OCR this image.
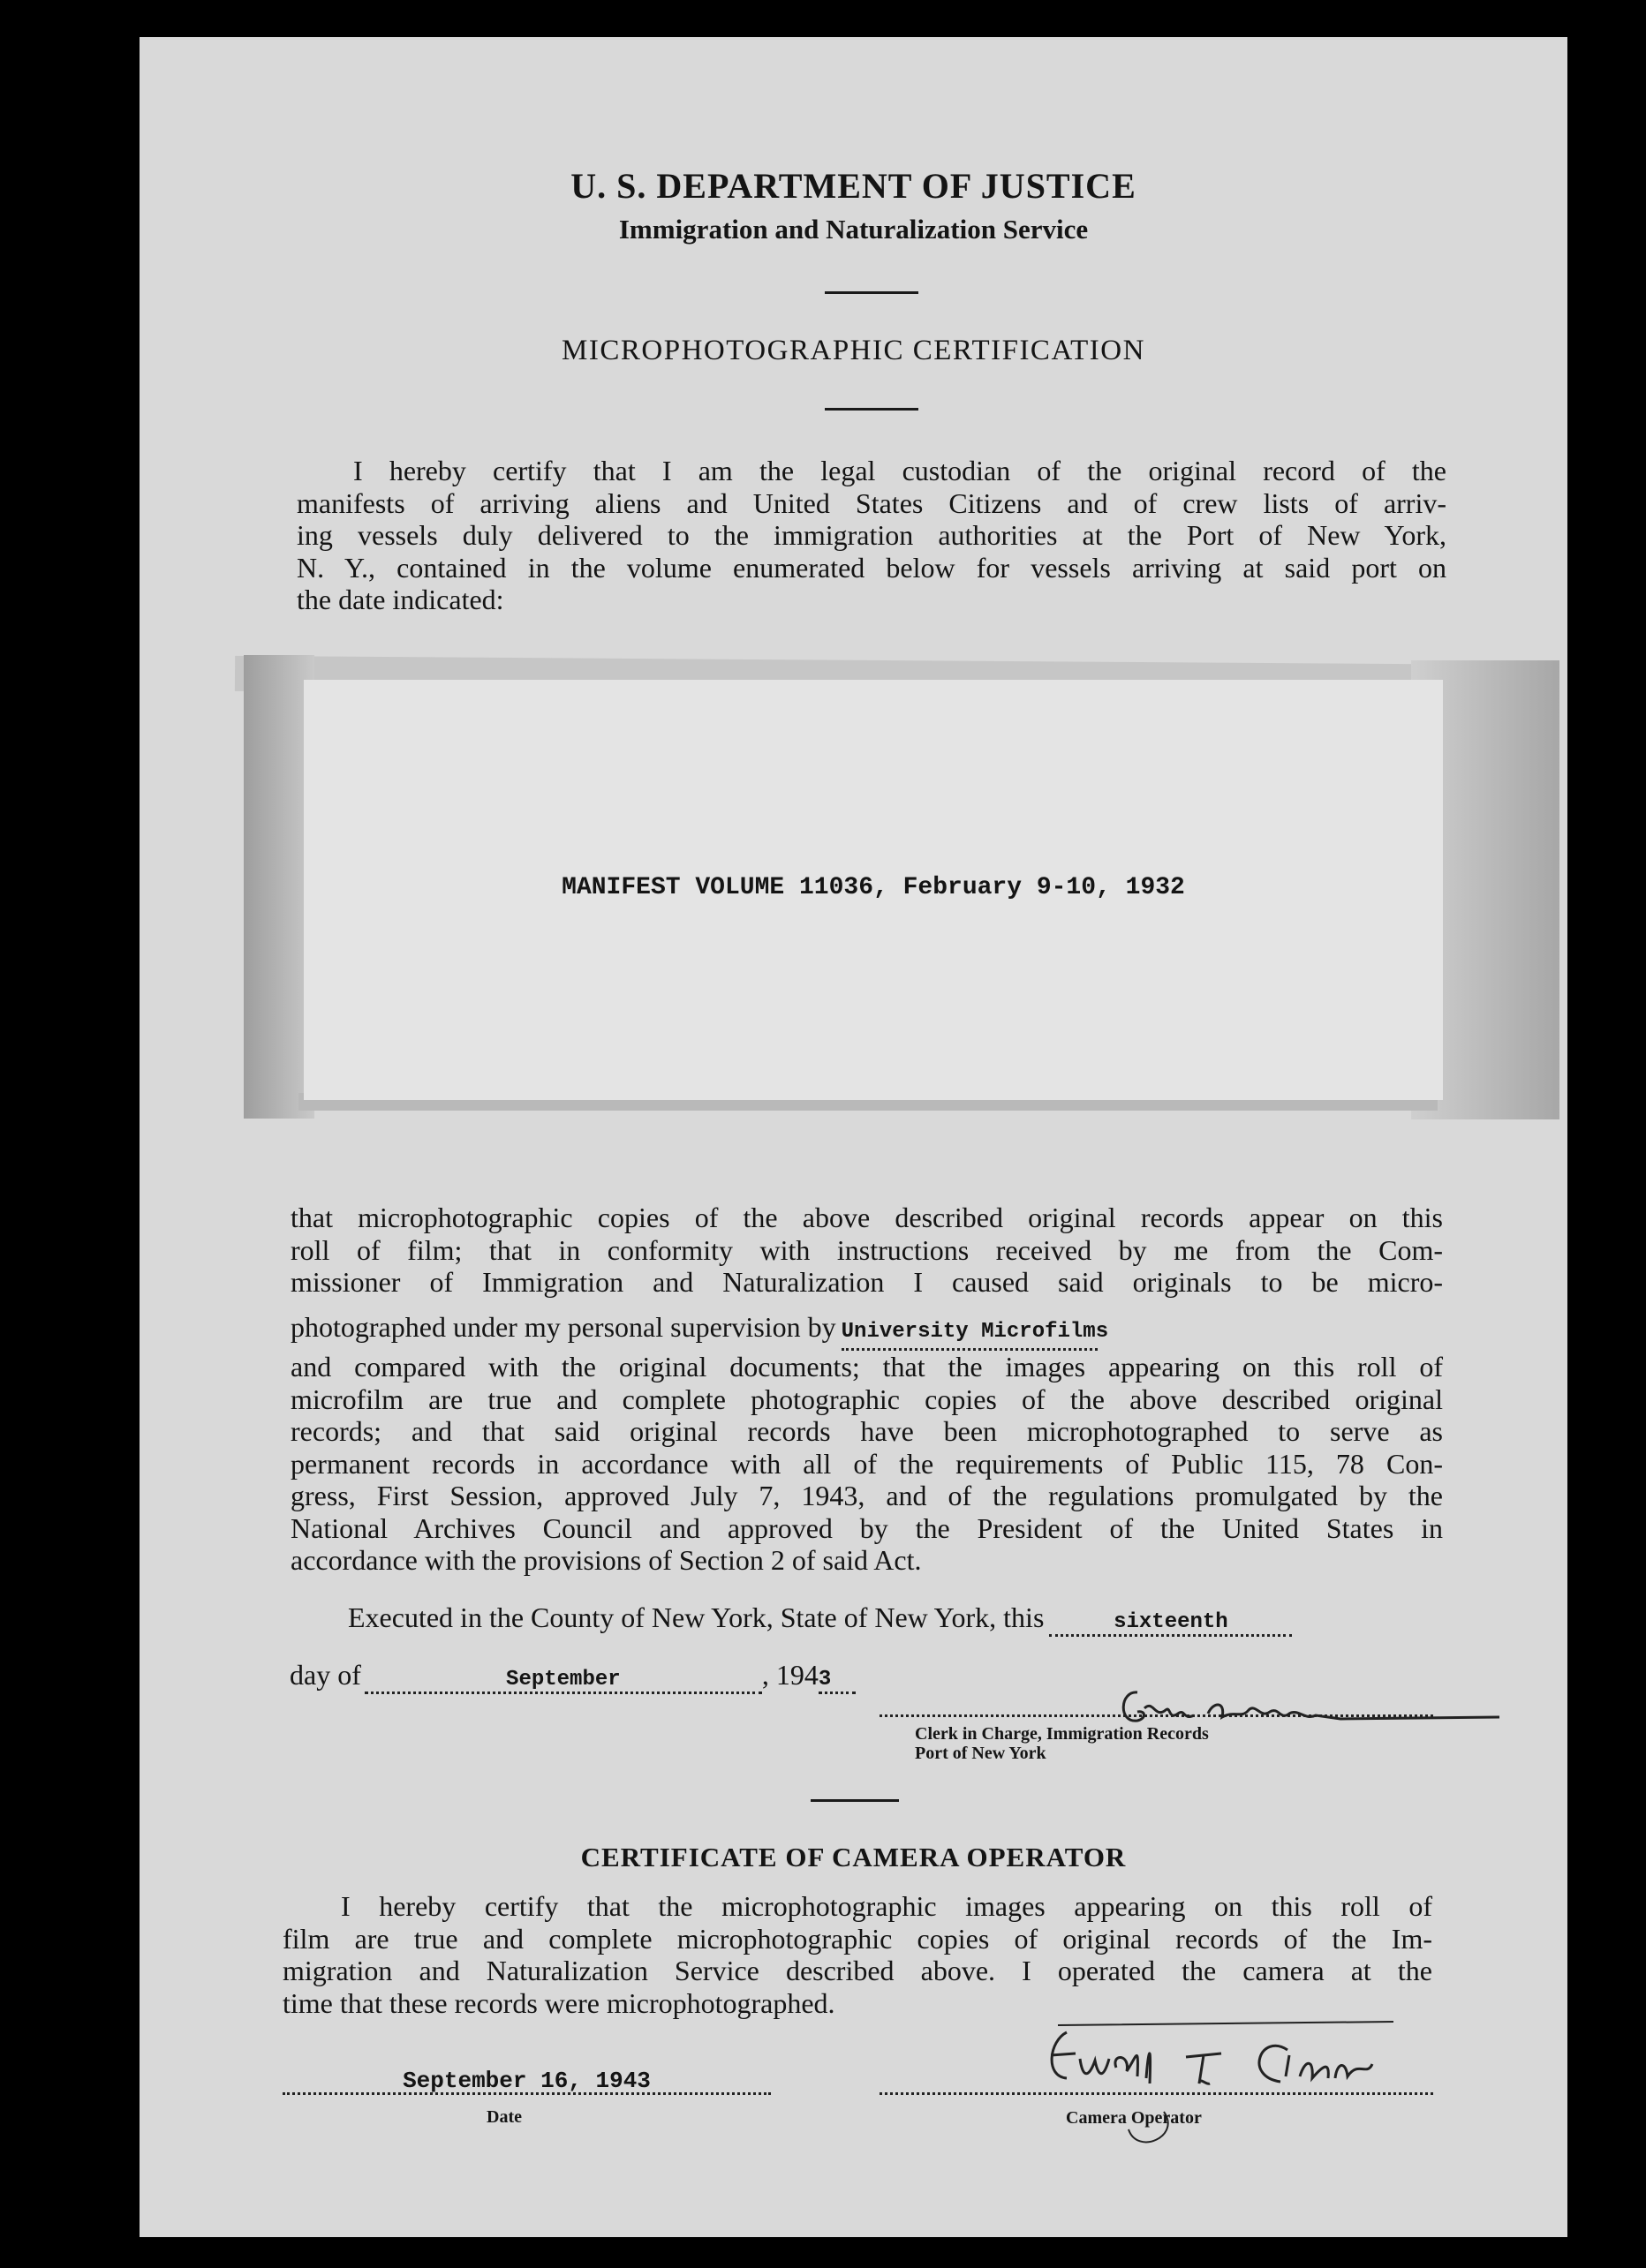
U. S. DEPARTMENT OF JUSTICE
Immigration and Naturalization Service
MICROPHOTOGRAPHIC CERTIFICATION
I hereby certify that I am the legal custodian of the original record of the
manifests of arriving aliens and United States Citizens and of crew lists of arriv-
ing vessels duly delivered to the immigration authorities at the Port of New York,
N. Y., contained in the volume enumerated below for vessels arriving at said port on
the date indicated:
MANIFEST VOLUME 11036, February 9-10, 1932
that microphotographic copies of the above described original records appear on this
roll of film; that in conformity with instructions received by me from the Com-
missioner of Immigration and Naturalization I caused said originals to be micro-
photographed under my personal supervision by University Microfilms
and compared with the original documents; that the images appearing on this roll of
microfilm are true and complete photographic copies of the above described original
records; and that said original records have been microphotographed to serve as
permanent records in accordance with all of the requirements of Public 115, 78 Con-
gress, First Session, approved July 7, 1943, and of the regulations promulgated by the
National Archives Council and approved by the President of the United States in
accordance with the provisions of Section 2 of said Act.
Executed in the County of New York, State of New York, this	sixteenth
day of	September	, 1943
Clerk in Charge, Immigration Records
Port of New York
CERTIFICATE OF CAMERA OPERATOR
I hereby certify that the microphotographic images appearing on this roll of
film are true and complete microphotographic copies of original records of the Im-
migration and Naturalization Service described above. I operated the camera at the
time that these records were microphotographed.
September 16, 1943
Date	Camera Operator
